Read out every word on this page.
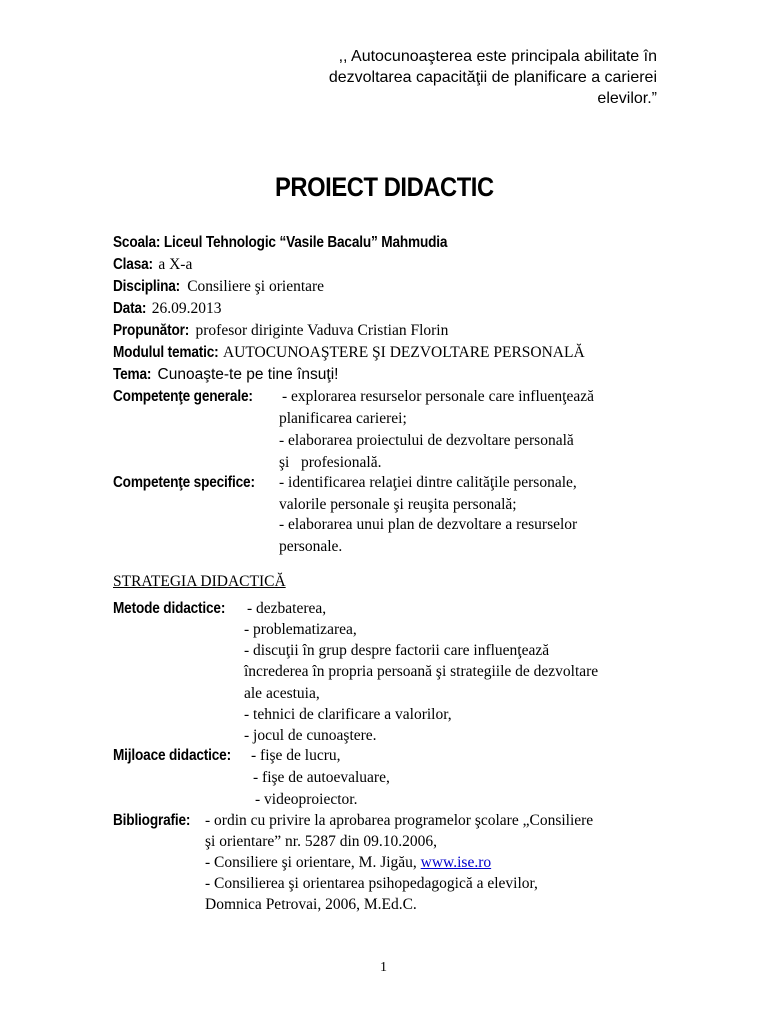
,, Autocunoaşterea este principala abilitate în
dezvoltarea capacităţii de planificare a carierei
elevilor.”
PROIECT DIDACTIC
Scoala: Liceul Tehnologic “Vasile Bacalu” Mahmudia
Clasa: a X-a
Disciplina: Consiliere şi orientare
Data: 26.09.2013
Propunător: profesor diriginte Vaduva Cristian Florin
Modulul tematic: AUTOCUNOAŞTERE ŞI DEZVOLTARE PERSONALĂ
Tema: Cunoaşte-te pe tine însuţi!
Competenţe generale:	- explorarea resurselor personale care influenţează
planificarea carierei;
- elaborarea proiectului de dezvoltare personală
şi   profesională.
Competenţe specifice:	- identificarea relaţiei dintre calităţile personale,
valorile personale şi reuşita personală;
- elaborarea unui plan de dezvoltare a resurselor
personale.
STRATEGIA DIDACTICĂ
Metode didactice:	- dezbaterea,
- problematizarea,
- discuţii în grup despre factorii care influenţează
încrederea în propria persoană şi strategiile de dezvoltare
ale acestuia,
- tehnici de clarificare a valorilor,
- jocul de cunoaştere.
Mijloace didactice:	- fişe de lucru,
- fişe de autoevaluare,
- videoproiector.
Bibliografie: - ordin cu privire la aprobarea programelor şcolare „Consiliere
şi orientare” nr. 5287 din 09.10.2006,
- Consiliere şi orientare, M. Jigău, www.ise.ro
- Consilierea şi orientarea psihopedagogică a elevilor,
Domnica Petrovai, 2006, M.Ed.C.
1
